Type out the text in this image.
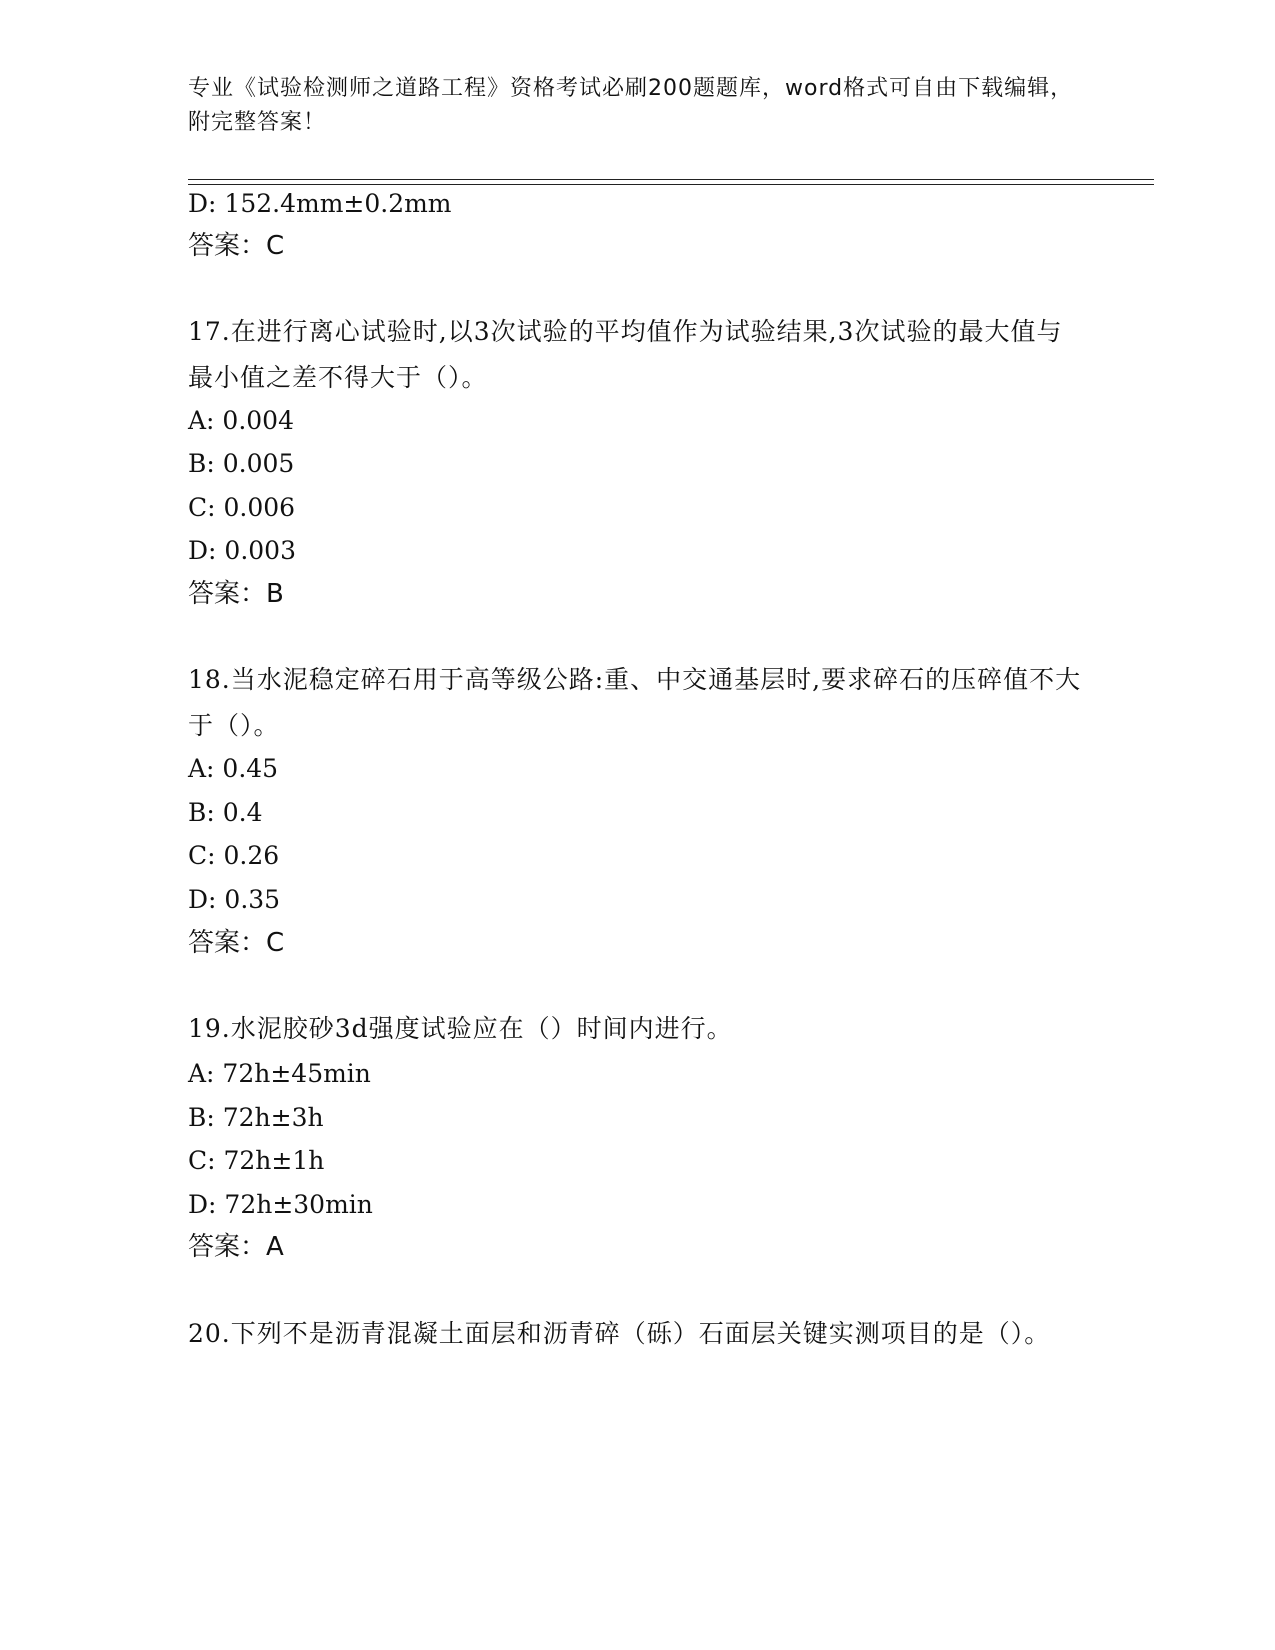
专业《试验检测师之道路工程》资格考试必刷200题题库，word格式可自由下载编辑，附完整答案！
D: 152.4mm±0.2mm
答案：C
17.在进行离心试验时,以3次试验的平均值作为试验结果,3次试验的最大值与最小值之差不得大于（）。
A: 0.004
B: 0.005
C: 0.006
D: 0.003
答案：B
18.当水泥稳定碎石用于高等级公路:重、中交通基层时,要求碎石的压碎值不大于（）。
A: 0.45
B: 0.4
C: 0.26
D: 0.35
答案：C
19.水泥胶砂3d强度试验应在（）时间内进行。
A: 72h±45min
B: 72h±3h
C: 72h±1h
D: 72h±30min
答案：A
20.下列不是沥青混凝土面层和沥青碎（砾）石面层关键实测项目的是（）。
